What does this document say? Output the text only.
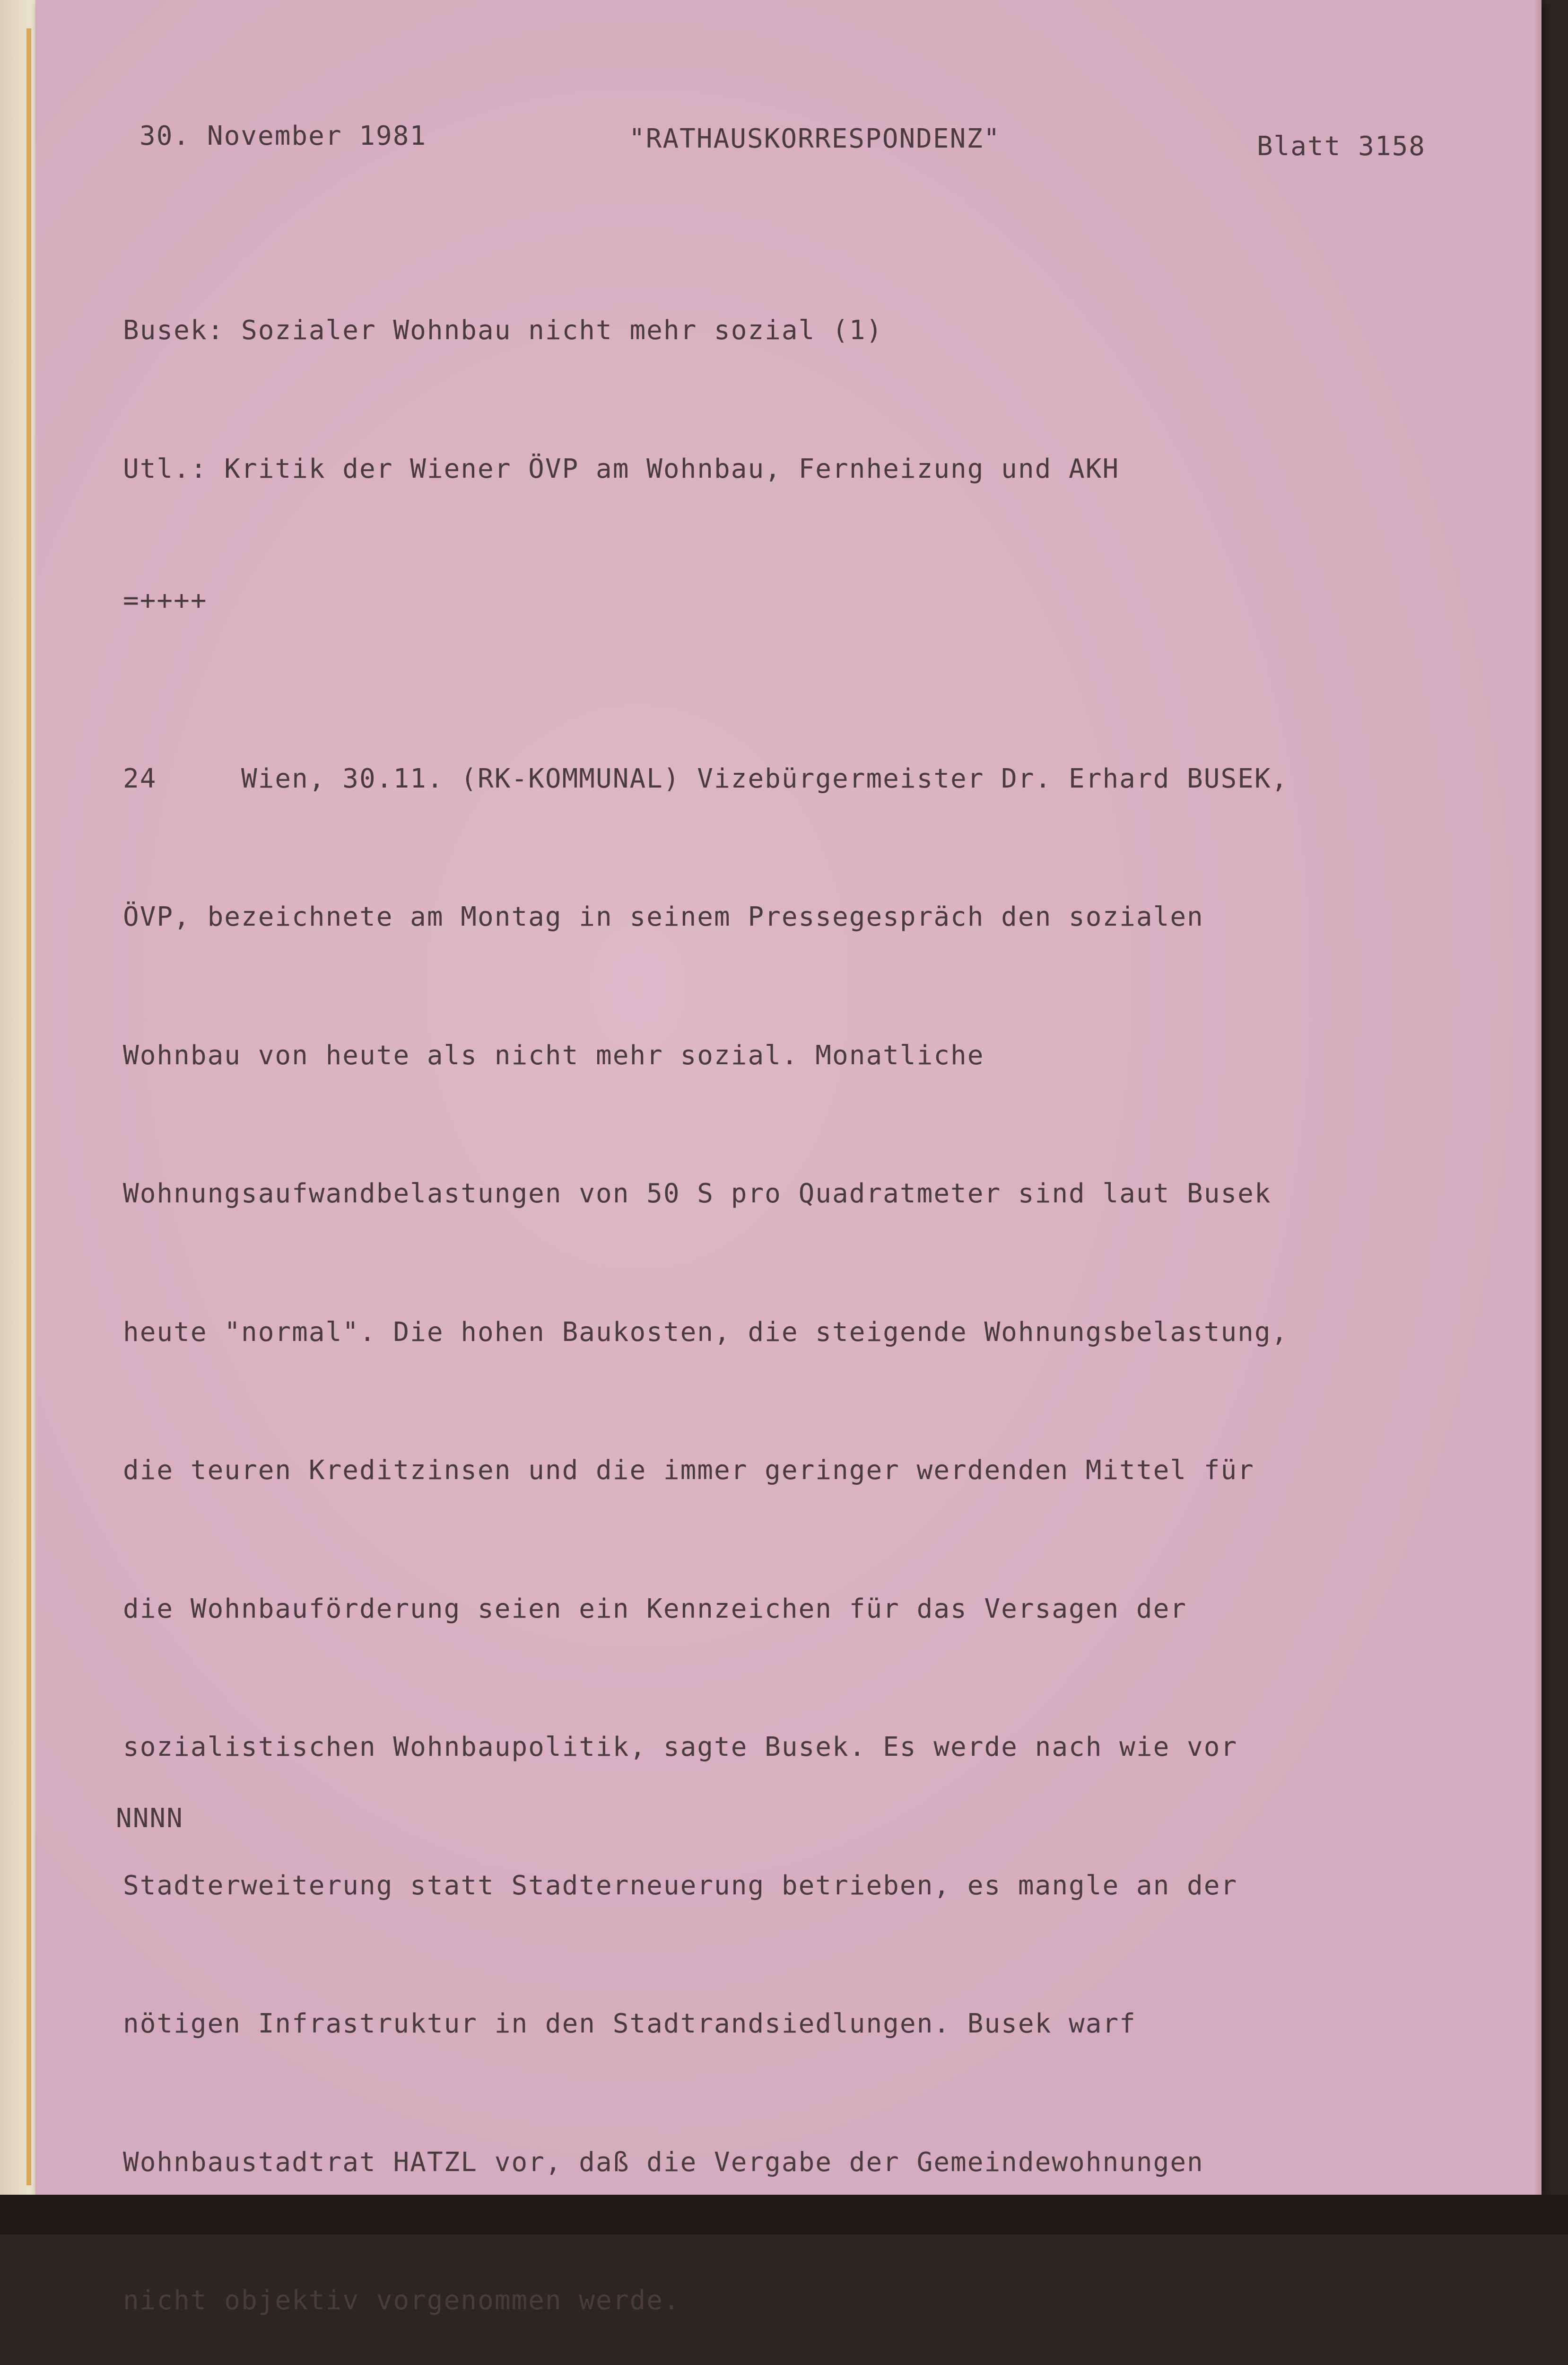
30. November 1981	"RATHAUSKORRESPONDENZ"	Blatt 3158

Busek: Sozialer Wohnbau nicht mehr sozial (1)

Utl.: Kritik der Wiener ÖVP am Wohnbau, Fernheizung und AKH

=++++

24     Wien, 30.11. (RK-KOMMUNAL) Vizebürgermeister Dr. Erhard BUSEK,

ÖVP, bezeichnete am Montag in seinem Pressegespräch den sozialen

Wohnbau von heute als nicht mehr sozial. Monatliche

Wohnungsaufwandbelastungen von 50 S pro Quadratmeter sind laut Busek

heute "normal". Die hohen Baukosten, die steigende Wohnungsbelastung,

die teuren Kreditzinsen und die immer geringer werdenden Mittel für

die Wohnbauförderung seien ein Kennzeichen für das Versagen der

sozialistischen Wohnbaupolitik, sagte Busek. Es werde nach wie vor

Stadterweiterung statt Stadterneuerung betrieben, es mangle an der

nötigen Infrastruktur in den Stadtrandsiedlungen. Busek warf

Wohnbaustadtrat HATZL vor, daß die Vergabe der Gemeindewohnungen

nicht objektiv vorgenommen werde.

NNNN
